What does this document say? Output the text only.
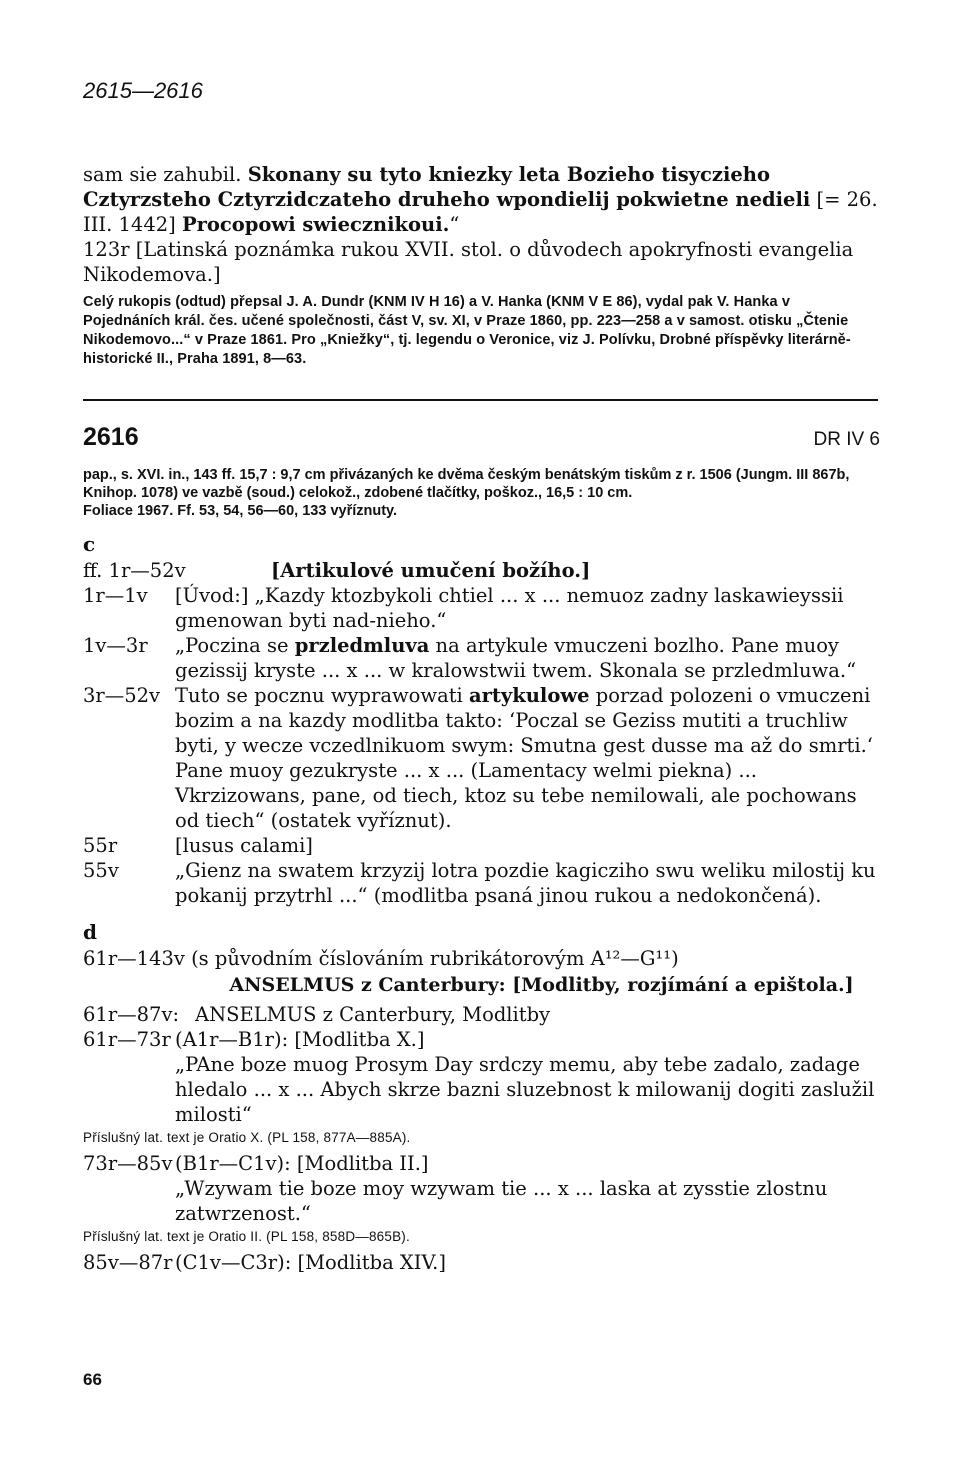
2615—2616

sam sie zahubil. Skonany su tyto kniezky leta Bozieho tisyczieho Cztyrzsteho Cztyrzidczateho druheho wpondielij pokwietne nedieli [= 26. III. 1442] Procopowi swiecznikoui.“

123r [Latinská poznámka rukou XVII. stol. o důvodech apokryfnosti evangelia Nikodemova.]

Celý rukopis (odtud) přepsal J. A. Dundr (KNM IV H 16) a V. Hanka (KNM V E 86), vydal pak V. Hanka v Pojednáních král. čes. učené společnosti, část V, sv. XI, v Praze 1860, pp. 223—258 a v samost. otisku „Čtenie Nikodemovo...“ v Praze 1861. Pro „Kniežky“, tj. legendu o Veronice, viz J. Polívku, Drobné příspěvky literárně-historické II., Praha 1891, 8—63.

2616	DR IV 6

pap., s. XVI. in., 143 ff. 15,7 : 9,7 cm přivázaných ke dvěma českým benátským tiskům z r. 1506 (Jungm. III 867b, Knihop. 1078) ve vazbě (soud.) celokož., zdobené tlačítky, poškoz., 16,5 : 10 cm.

Foliace 1967. Ff. 53, 54, 56—60, 133 vyříznuty.

c
ff. 1r—52v	[Artikulové umučení božího.]
1r—1v	[Úvod:] „Kazdy ktozbykoli chtiel ... x ... nemuoz zadny laskawieyssii gmenowan byti nad-nieho.“
1v—3r	„Poczina se przledmluva na artykule vmuczeni bozlho. Pane muoy gezissij kryste ... x ... w kralowstwii twem. Skonala se przledmluwa.“
3r—52v Tuto se pocznu wyprawowati artykulowe porzad polozeni o vmuczeni bozim a na kazdy modlitba takto: ‘Poczal se Geziss mutiti a truchliw byti, y wecze vczedlnikuom swym: Smutna gest dusse ma až do smrti.‘ Pane muoy gezukryste ... x ... (Lamentacy welmi piekna) ... Vkrzizowans, pane, od tiech, ktoz su tebe nemilowali, ale pochowans od tiech“ (ostatek vyříznut).
55r	[lusus calami]
55v	„Gienz na swatem krzyzij lotra pozdie kagicziho swu weliku milostij ku pokanij przytrhl ...“ (modlitba psaná jinou rukou a nedokončená).
d

61r—143v (s původním číslováním rubrikátorovým A¹²—G¹¹)

ANSELMUS z Canterbury: [Modlitby, rozjímání a epištola.]
61r—87v: ANSELMUS z Canterbury, Modlitby
61r—73r (A1r—B1r): [Modlitba X.]
„PAne boze muog Prosym Day srdczy memu, aby tebe zadalo, zadage hledalo ... x ... Abych skrze bazni sluzebnost k milowanij dogiti zaslužil milosti“

Příslušný lat. text je Oratio X. (PL 158, 877A—885A).

73r—85v (B1r—C1v): [Modlitba II.]
„Wzywam tie boze moy wzywam tie ... x ... laska at zysstie zlostnu zatwrzenost.“

Příslušný lat. text je Oratio II. (PL 158, 858D—865B).

85v—87r (C1v—C3r): [Modlitba XIV.]
66
